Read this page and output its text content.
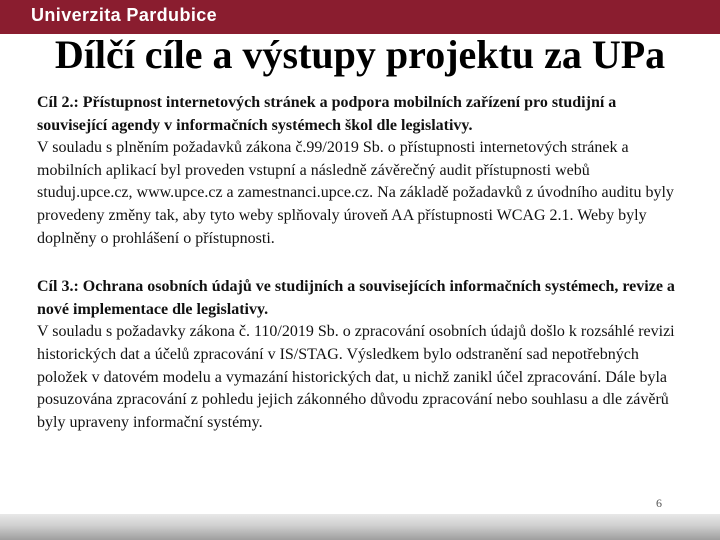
Univerzita Pardubice
Dílčí cíle a výstupy projektu za UPa

Cíl 2.: Přístupnost internetových stránek a podpora mobilních zařízení pro studijní a související agendy v informačních systémech škol dle legislativy.

V souladu s plněním požadavků zákona č.99/2019 Sb. o přístupnosti internetových stránek a mobilních aplikací byl proveden vstupní a následně závěrečný audit přístupnosti webů studuj.upce.cz, www.upce.cz a zamestnanci.upce.cz. Na základě požadavků z úvodního auditu byly provedeny změny tak, aby tyto weby splňovaly úroveň AA přístupnosti WCAG 2.1. Weby byly doplněny o prohlášení o přístupnosti.

Cíl 3.: Ochrana osobních údajů ve studijních a souvisejících informačních systémech, revize a nové implementace dle legislativy.

V souladu s požadavky zákona č. 110/2019 Sb. o zpracování osobních údajů došlo k rozsáhlé revizi historických dat a účelů zpracování v IS/STAG. Výsledkem bylo odstranění sad nepotřebných položek v datovém modelu a vymazání historických dat, u nichž zanikl účel zpracování. Dále byla posuzována zpracování z pohledu jejich zákonného důvodu zpracování nebo souhlasu a dle závěrů byly upraveny informační systémy.

6
